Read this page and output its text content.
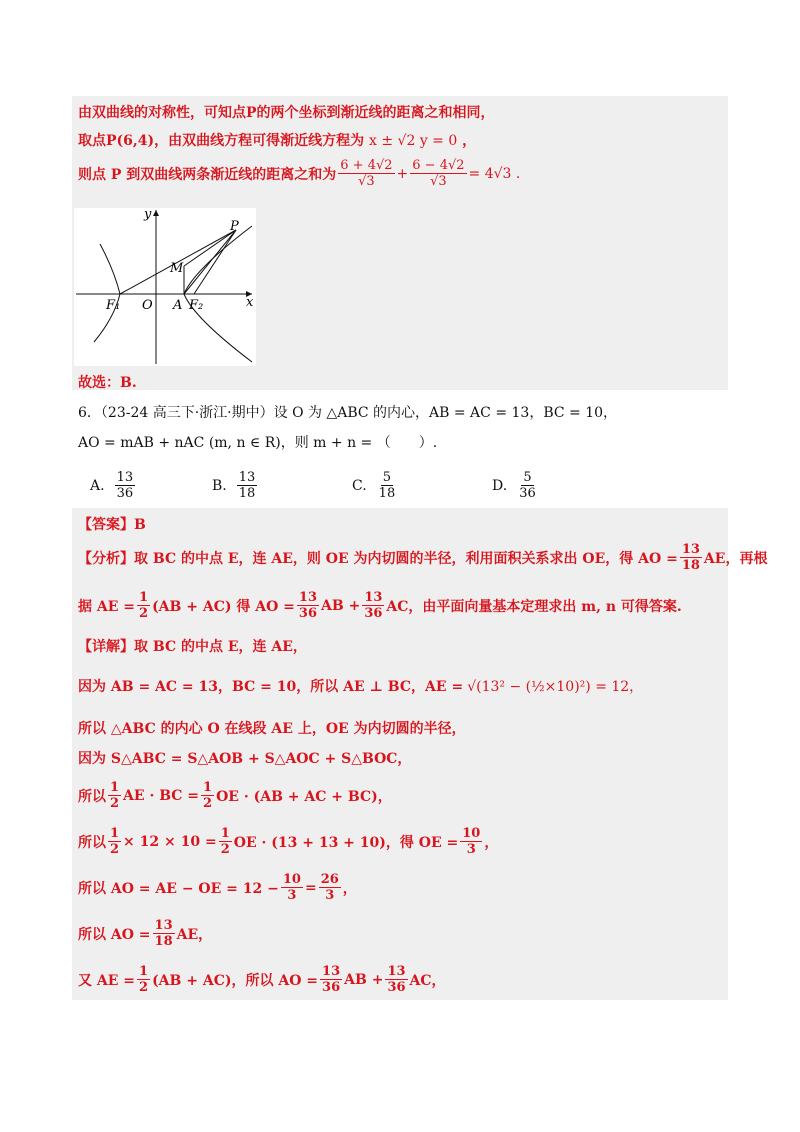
由双曲线的对称性，可知点P的两个坐标到渐近线的距离之和相同，
取点P(6,4)，由双曲线方程可得渐近线方程为 x ± √2 y = 0 ，
则点 P 到双曲线两条渐近线的距离之和为 $\frac{6 + 4√2}{√3} + \frac{6 - 4√2}{√3} = 4√3$ .
y
x
P
M
F₁ O A F₂
故选：B.
6．（23-24 高三下·浙江·期中）设 O 为 △ABC 的内心，AB = AC = 13，BC = 10，
AO = mAB + nAC (m, n ∈ R)，则 m + n = （　　）.
A. $\frac{13}{36}$	B. $\frac{13}{18}$	C. $\frac{5}{18}$	D. $\frac{5}{36}$
【答案】B
【分析】取 BC 的中点 E，连 AE，则 OE 为内切圆的半径，利用面积关系求出 OE，得 AO = $\frac{13}{18}$ AE，再根
据 AE = $\frac{1}{2} (AB + AC)$ 得 AO = $\frac{13}{36}$ AB + $\frac{13}{36}$ AC，由平面向量基本定理求出 m, n 可得答案.
【详解】取 BC 的中点 E，连 AE，
因为 AB = AC = 13，BC = 10，所以 AE ⊥ BC，AE = √(13² − (½×10)²) = 12，
所以 △ABC 的内心 O 在线段 AE 上，OE 为内切圆的半径，
因为 S△ABC = S△AOB + S△AOC + S△BOC，
所以 $\frac{1}{2}$ AE · BC = $\frac{1}{2}$ OE · (AB + AC + BC)，
所以 $\frac{1}{2} \times 12 \times 10 = \frac{1}{2}$ OE · (13 + 13 + 10)，得 OE = $\frac{10}{3}$ ，
所以 AO = AE − OE = $12 - \frac{10}{3} = \frac{26}{3}$ ，
所以 AO = $\frac{13}{18}$ AE，
又 AE = $\frac{1}{2} (AB + AC)$，所以 AO = $\frac{13}{36}$ AB + $\frac{13}{36}$ AC，
